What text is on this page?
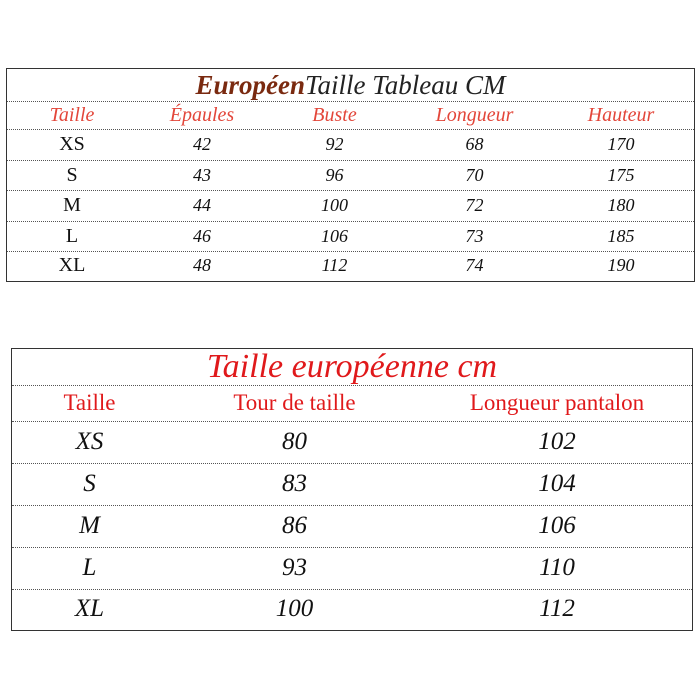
Européen Taille Tableau CM
Taille	Épaules	Buste	Longueur	Hauteur
XS	42	92	68	170
S	43	96	70	175
M	44	100	72	180
L	46	106	73	185
XL	48	112	74	190
Taille européenne cm
Taille	Tour de taille	Longueur pantalon
XS	80	102
S	83	104
M	86	106
L	93	110
XL	100	112
